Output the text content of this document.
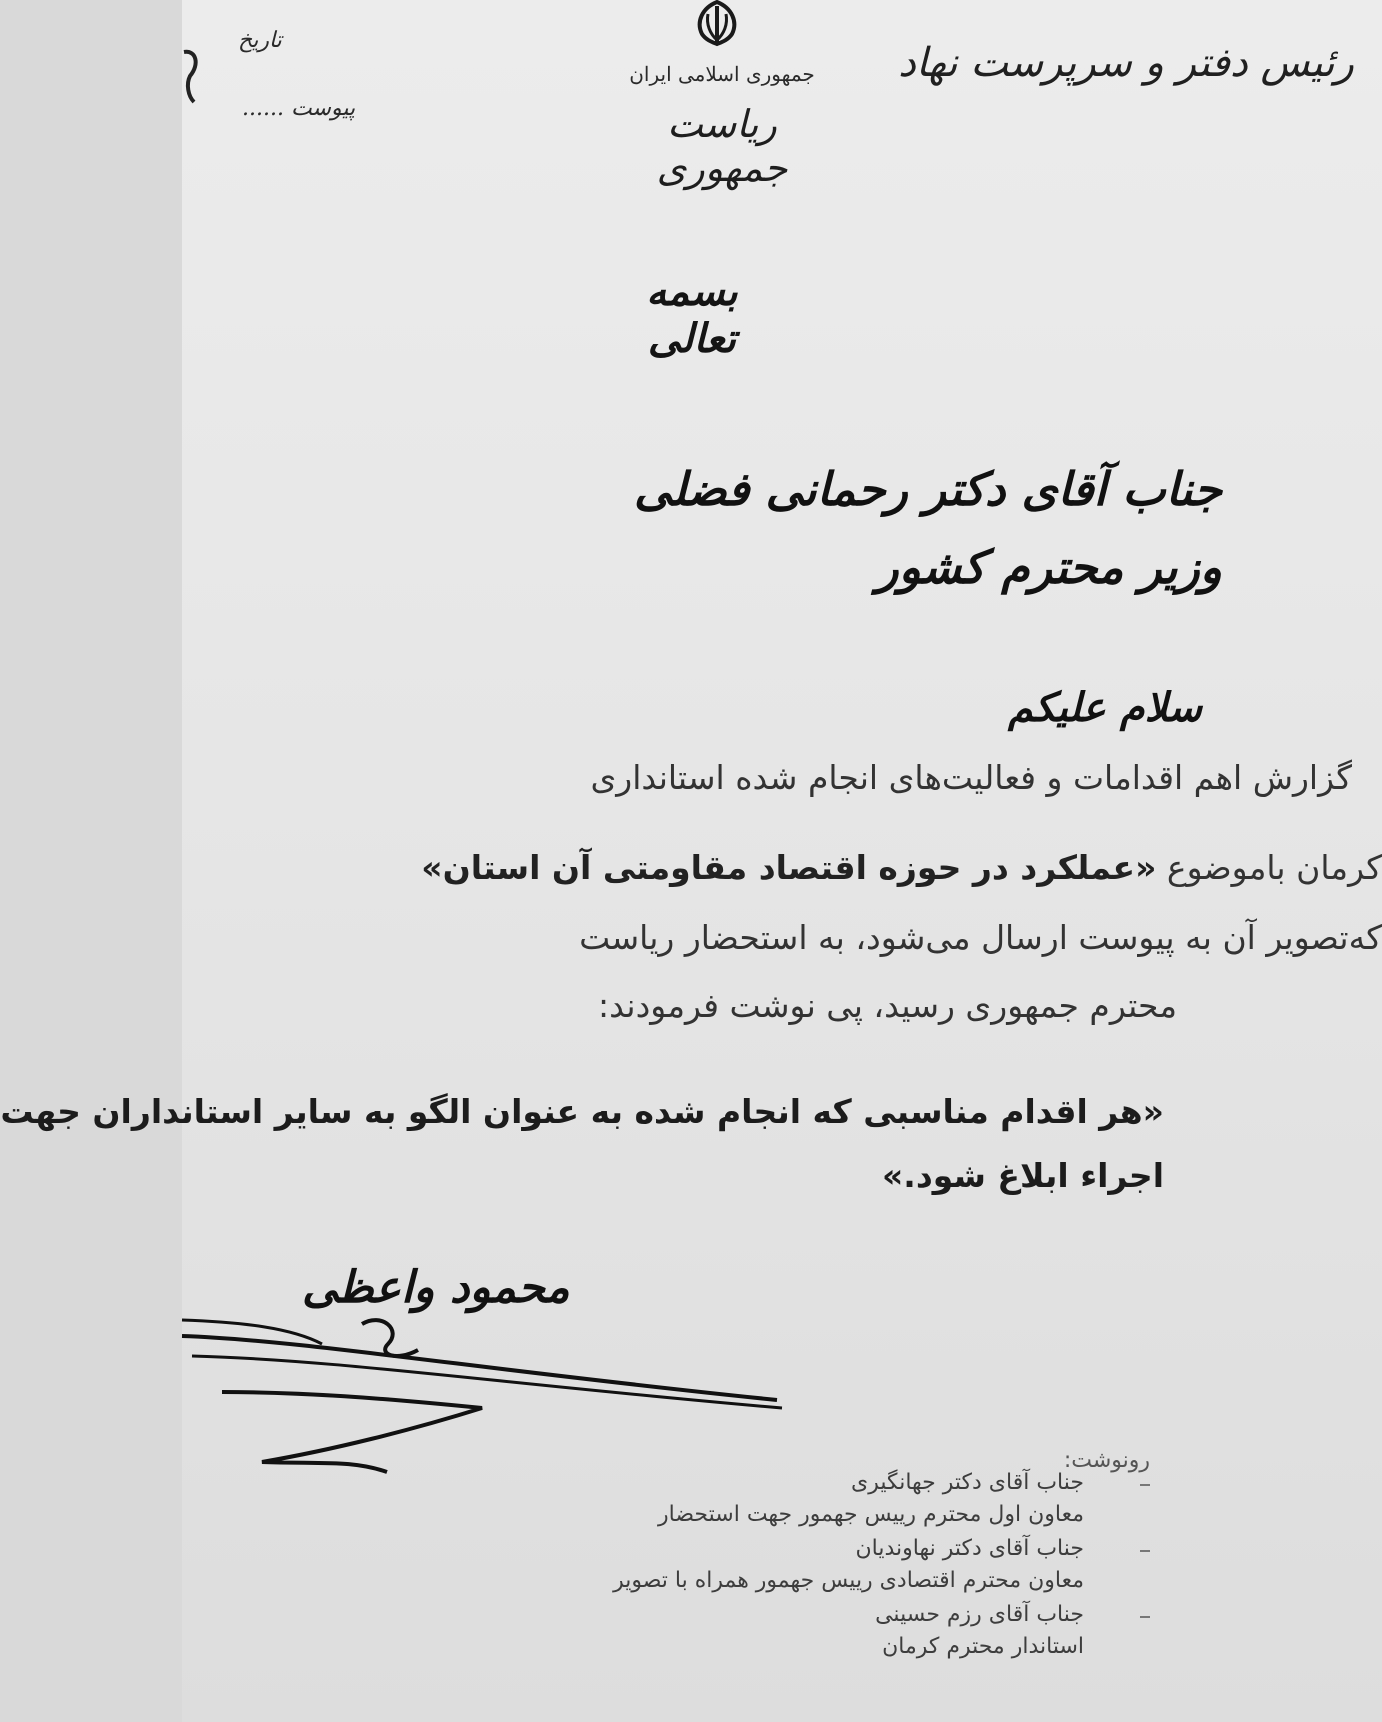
رئیس دفتر و سرپرست نهاد
جمهوری اسلامی ایران
ریاست جمهوری
تاریخ
پیوست ......
بسمه تعالی
جناب آقای دکتر رحمانی فضلی
وزیر محترم کشور
سلام علیکم
گزارش اهم اقدامات و فعالیت‌های انجام شده استانداری
کرمان باموضوع «عملکرد در حوزه اقتصاد مقاومتی آن استان»
که‌تصویر آن به پیوست ارسال می‌شود، به استحضار ریاست
محترم جمهوری رسید، پی نوشت فرمودند:
«هر اقدام مناسبی که انجام شده به عنوان الگو به سایر استانداران جهت
اجراء ابلاغ شود.»
محمود واعظی
رونوشت:
جناب آقای دکتر جهانگیری
معاون اول محترم رییس جهمور جهت استحضار
جناب آقای دکتر نهاوندیان
معاون محترم اقتصادی رییس جهمور همراه با تصویر
جناب آقای رزم حسینی
استاندار محترم کرمان
